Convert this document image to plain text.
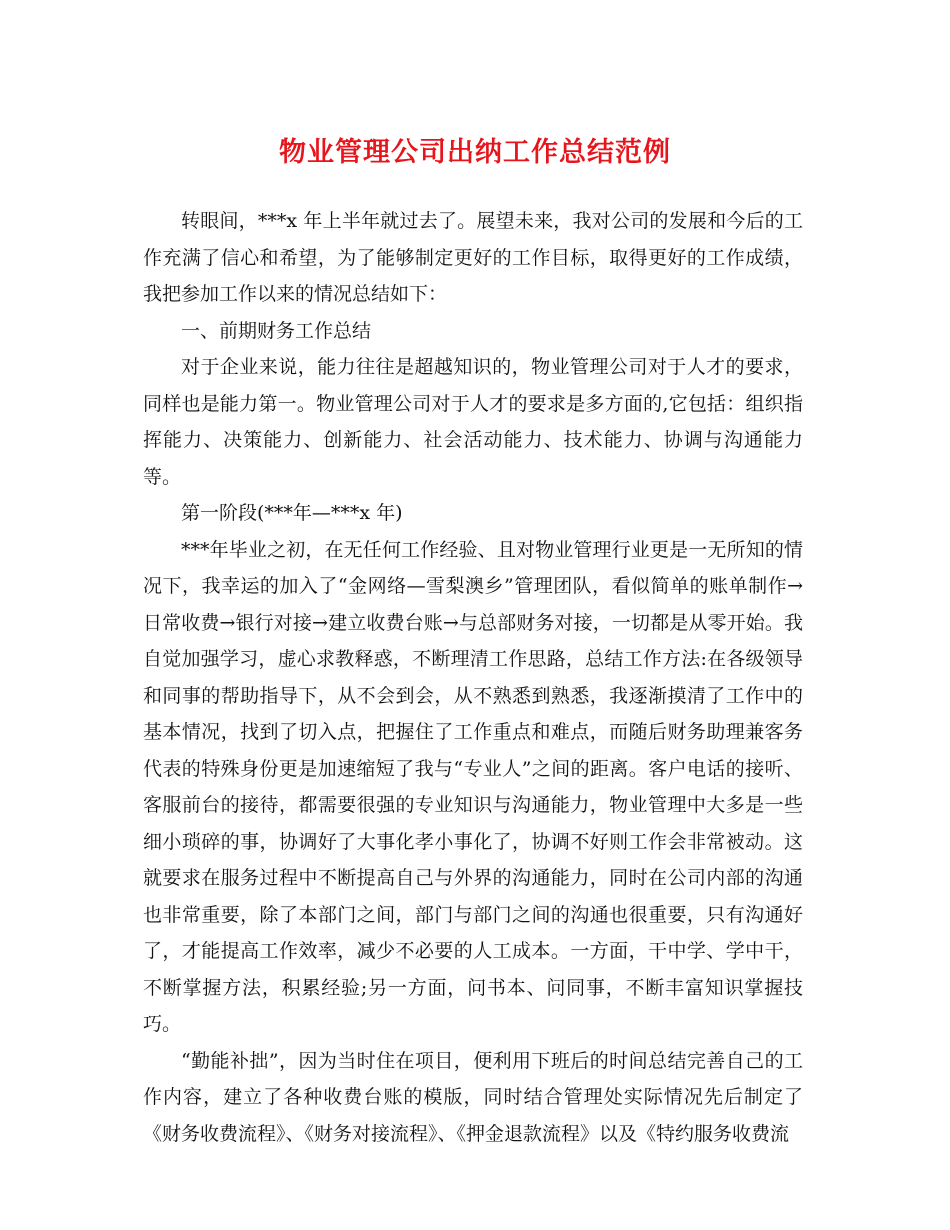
物业管理公司出纳工作总结范例

转眼间，***x 年上半年就过去了。展望未来，我对公司的发展和今后的工作充满了信心和希望，为了能够制定更好的工作目标，取得更好的工作成绩，我把参加工作以来的情况总结如下：

一、前期财务工作总结

对于企业来说，能力往往是超越知识的，物业管理公司对于人才的要求，同样也是能力第一。物业管理公司对于人才的要求是多方面的,它包括：组织指挥能力、决策能力、创新能力、社会活动能力、技术能力、协调与沟通能力等。

第一阶段(***年—***x 年)

***年毕业之初，在无任何工作经验、且对物业管理行业更是一无所知的情况下，我幸运的加入了“金网络—雪梨澳乡”管理团队，看似简单的账单制作→日常收费→银行对接→建立收费台账→与总部财务对接，一切都是从零开始。我自觉加强学习，虚心求教释惑，不断理清工作思路，总结工作方法:在各级领导和同事的帮助指导下，从不会到会，从不熟悉到熟悉，我逐渐摸清了工作中的基本情况，找到了切入点，把握住了工作重点和难点，而随后财务助理兼客务代表的特殊身份更是加速缩短了我与“专业人”之间的距离。客户电话的接听、客服前台的接待，都需要很强的专业知识与沟通能力，物业管理中大多是一些细小琐碎的事，协调好了大事化孝小事化了，协调不好则工作会非常被动。这就要求在服务过程中不断提高自己与外界的沟通能力，同时在公司内部的沟通也非常重要，除了本部门之间，部门与部门之间的沟通也很重要，只有沟通好了，才能提高工作效率，减少不必要的人工成本。一方面，干中学、学中干，不断掌握方法，积累经验;另一方面，问书本、问同事，不断丰富知识掌握技巧。

“勤能补拙”，因为当时住在项目，便利用下班后的时间总结完善自己的工作内容，建立了各种收费台账的模版，同时结合管理处实际情况先后制定了《财务收费流程》、《财务对接流程》、《押金退款流程》以及《特约服务收费流
